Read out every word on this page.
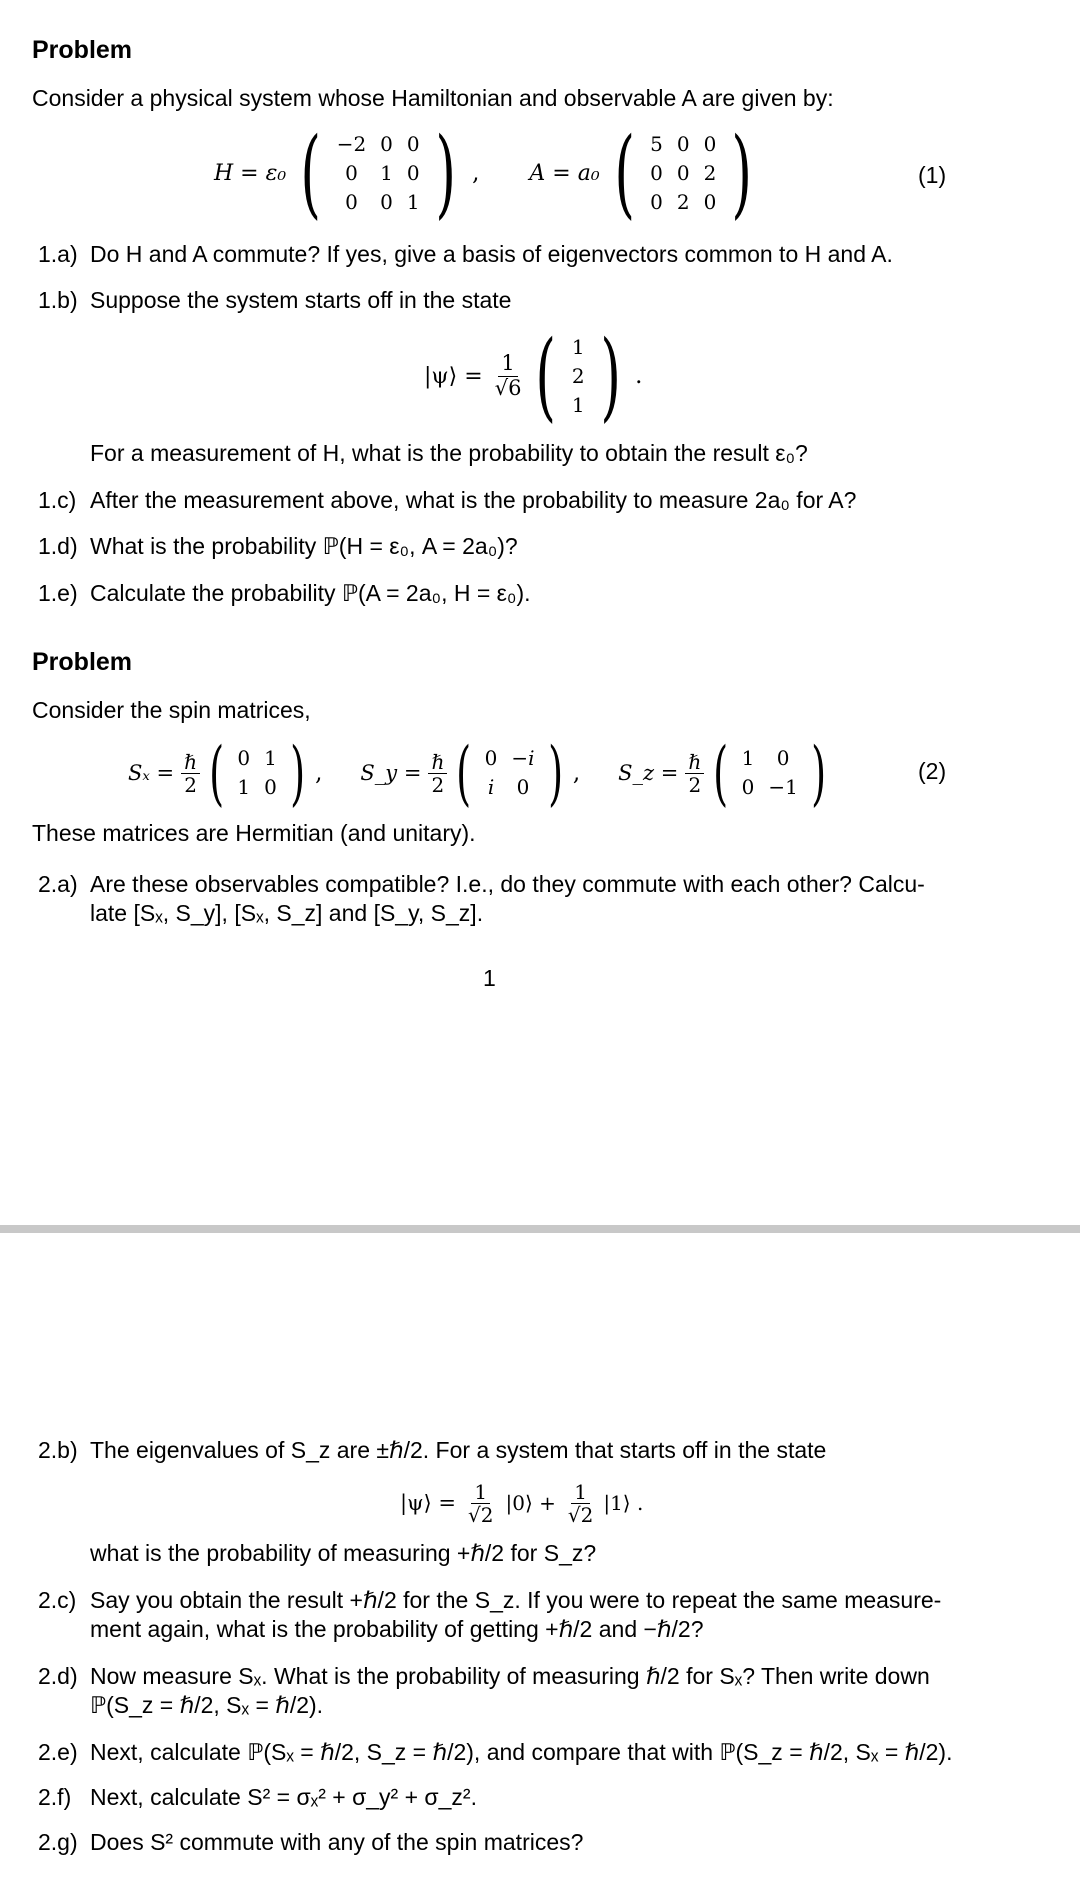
Problem
Consider a physical system whose Hamiltonian and observable A are given by:
H = ε₀ ( −2	0	0
0	1	0
0	0	1 ) , A = a₀ ( 5	0	0
0	0	2
0	2	0 )	(1)
1.a) Do H and A commute? If yes, give a basis of eigenvectors common to H and A.
1.b) Suppose the system starts off in the state
|ψ⟩ = $\frac{1}{√6}$ ( 1
2
1 ) .
For a measurement of H, what is the probability to obtain the result ε₀?
1.c) After the measurement above, what is the probability to measure 2a₀ for A?
1.d) What is the probability ℙ(H = ε₀, A = 2a₀)?
1.e) Calculate the probability ℙ(A = 2a₀, H = ε₀).
Problem
Consider the spin matrices,
$S_x = \frac{\text{ℏ}}{2}$ ( 0	1
1	0 ) , S_y = $\frac{\text{ℏ}}{2}$ ( 0	−i
i	0 ) , S_z = $\frac{\text{ℏ}}{2}$ ( 1	0
0	−1 )	(2)
These matrices are Hermitian (and unitary).
2.a) Are these observables compatible? I.e., do they commute with each other? Calcu-
late [Sₓ, S_y], [Sₓ, S_z] and [S_y, S_z].
1
2.b) The eigenvalues of S_z are ±ℏ/2. For a system that starts off in the state
|ψ⟩ = $\frac{1}{√2}$ |0⟩ + $\frac{1}{√2}$ |1⟩ .
what is the probability of measuring +ℏ/2 for S_z?
2.c) Say you obtain the result +ℏ/2 for the S_z. If you were to repeat the same measure-
ment again, what is the probability of getting +ℏ/2 and −ℏ/2?
2.d) Now measure Sₓ. What is the probability of measuring ℏ/2 for Sₓ? Then write down
ℙ(S_z = ℏ/2, Sₓ = ℏ/2).
2.e) Next, calculate ℙ(Sₓ = ℏ/2, S_z = ℏ/2), and compare that with ℙ(S_z = ℏ/2, Sₓ = ℏ/2).
2.f) Next, calculate S² = σₓ² + σ_y² + σ_z².
2.g) Does S² commute with any of the spin matrices?
